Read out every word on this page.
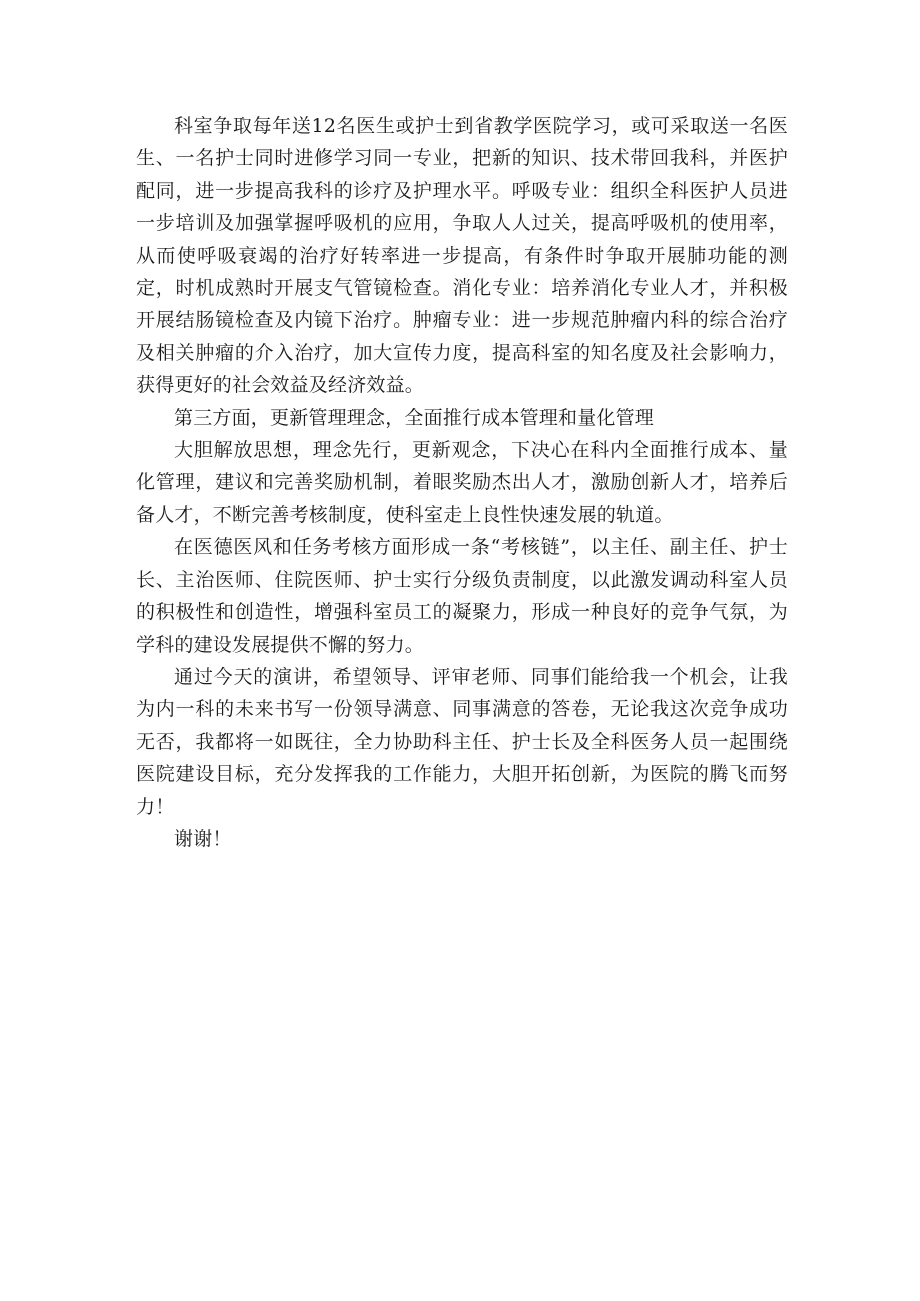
科室争取每年送12名医生或护士到省教学医院学习，或可采取送一名医生、一名护士同时进修学习同一专业，把新的知识、技术带回我科，并医护配同，进一步提高我科的诊疗及护理水平。呼吸专业：组织全科医护人员进一步培训及加强掌握呼吸机的应用，争取人人过关，提高呼吸机的使用率，从而使呼吸衰竭的治疗好转率进一步提高，有条件时争取开展肺功能的测定，时机成熟时开展支气管镜检查。消化专业：培养消化专业人才，并积极开展结肠镜检查及内镜下治疗。肿瘤专业：进一步规范肿瘤内科的综合治疗及相关肿瘤的介入治疗，加大宣传力度，提高科室的知名度及社会影响力，获得更好的社会效益及经济效益。

第三方面，更新管理理念，全面推行成本管理和量化管理

大胆解放思想，理念先行，更新观念，下决心在科内全面推行成本、量化管理，建议和完善奖励机制，着眼奖励杰出人才，激励创新人才，培养后备人才，不断完善考核制度，使科室走上良性快速发展的轨道。

在医德医风和任务考核方面形成一条“考核链”，以主任、副主任、护士长、主治医师、住院医师、护士实行分级负责制度，以此激发调动科室人员的积极性和创造性，增强科室员工的凝聚力，形成一种良好的竞争气氛，为学科的建设发展提供不懈的努力。

通过今天的演讲，希望领导、评审老师、同事们能给我一个机会，让我为内一科的未来书写一份领导满意、同事满意的答卷，无论我这次竞争成功无否，我都将一如既往，全力协助科主任、护士长及全科医务人员一起围绕医院建设目标，充分发挥我的工作能力，大胆开拓创新，为医院的腾飞而努力！

谢谢！
